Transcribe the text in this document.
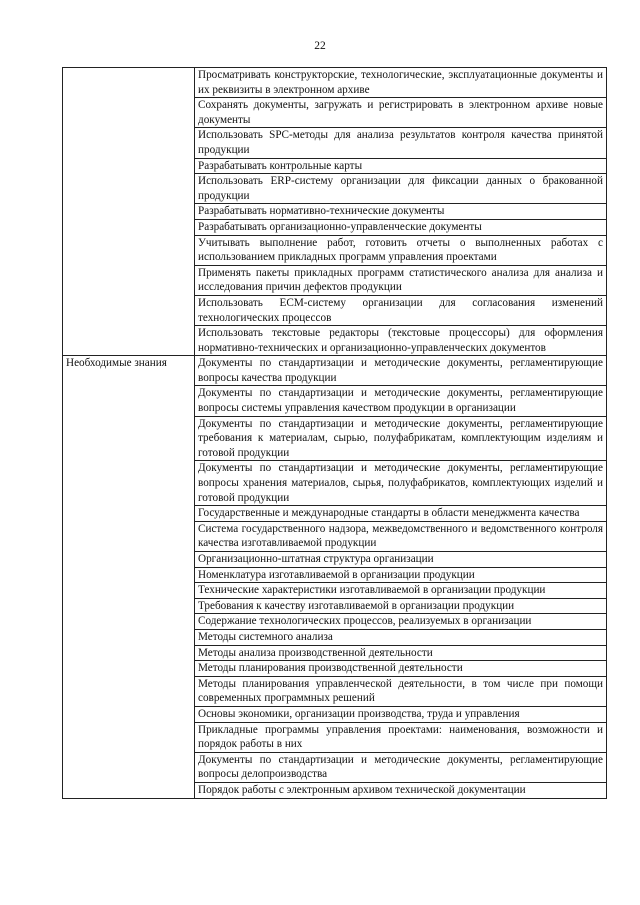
22
	Просматривать конструкторские, технологические, эксплуатационные документы и их реквизиты в электронном архиве
	Сохранять документы, загружать и регистрировать в электронном архиве новые документы
	Использовать SPC-методы для анализа результатов контроля качества принятой продукции
	Разрабатывать контрольные карты
	Использовать ERP-систему организации для фиксации данных о бракованной продукции
	Разрабатывать нормативно-технические документы
	Разрабатывать организационно-управленческие документы
	Учитывать выполнение работ, готовить отчеты о выполненных работах с использованием прикладных программ управления проектами
	Применять пакеты прикладных программ статистического анализа для анализа и исследования причин дефектов продукции
	Использовать ECM-систему организации для согласования изменений технологических процессов
	Использовать текстовые редакторы (текстовые процессоры) для оформления нормативно-технических и организационно-управленческих документов
Необходимые знания	Документы по стандартизации и методические документы, регламентирующие вопросы качества продукции
	Документы по стандартизации и методические документы, регламентирующие вопросы системы управления качеством продукции в организации
	Документы по стандартизации и методические документы, регламентирующие требования к материалам, сырью, полуфабрикатам, комплектующим изделиям и готовой продукции
	Документы по стандартизации и методические документы, регламентирующие вопросы хранения материалов, сырья, полуфабрикатов, комплектующих изделий и готовой продукции
	Государственные и международные стандарты в области менеджмента качества
	Система государственного надзора, межведомственного и ведомственного контроля качества изготавливаемой продукции
	Организационно-штатная структура организации
	Номенклатура изготавливаемой в организации продукции
	Технические характеристики изготавливаемой в организации продукции
	Требования к качеству изготавливаемой в организации продукции
	Содержание технологических процессов, реализуемых в организации
	Методы системного анализа
	Методы анализа производственной деятельности
	Методы планирования производственной деятельности
	Методы планирования управленческой деятельности, в том числе при помощи современных программных решений
	Основы экономики, организации производства, труда и управления
	Прикладные программы управления проектами: наименования, возможности и порядок работы в них
	Документы по стандартизации и методические документы, регламентирующие вопросы делопроизводства
	Порядок работы с электронным архивом технической документации
